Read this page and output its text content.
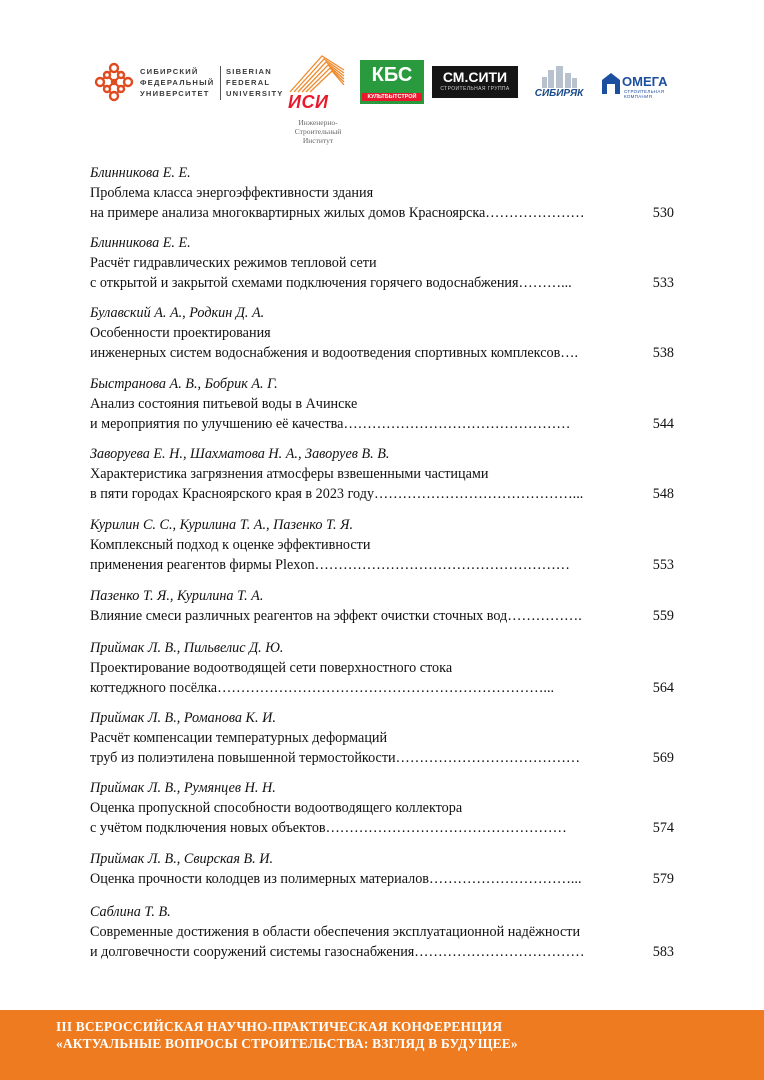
СИБИРСКИЙ
ФЕДЕРАЛЬНЫЙ
УНИВЕРСИТЕТ
SIBERIAN
FEDERAL
UNIVERSITY ИСИ
Инженерно-
Строительный
Институт
КБС
КУЛЬТБЫТСТРОЙ
СМ.СИТИ
СТРОИТЕЛЬНАЯ ГРУППА	СИБИРЯК
ОМЕГА
СТРОИТЕЛЬНАЯ КОМПАНИЯ
Блинникова Е. Е.
Проблема класса энергоэффективности здания
на примере анализа многоквартирных жилых домов Красноярска…………………	530
Блинникова Е. Е.
Расчёт гидравлических режимов тепловой сети
с открытой и закрытой схемами подключения горячего водоснабжения………...	533
Булавский А. А., Родкин Д. А.
Особенности проектирования
инженерных систем водоснабжения и водоотведения спортивных комплексов….	538
Быстранова А. В., Бобрик А. Г.
Анализ состояния питьевой воды в Ачинске
и мероприятия по улучшению её качества…………………………………………	544
Заворуева Е. Н., Шахматова Н. А., Заворуев В. В.
Характеристика загрязнения атмосферы взвешенными частицами
в пяти городах Красноярского края в 2023 году……………………………………...	548
Курилин С. С., Курилина Т. А., Пазенко Т. Я.
Комплексный подход к оценке эффективности
применения реагентов фирмы Plexon………………………………………………	553
Пазенко Т. Я., Курилина Т. А.
Влияние смеси различных реагентов на эффект очистки сточных вод…………….	559
Приймак Л. В., Пильвелис Д. Ю.
Проектирование водоотводящей сети поверхностного стока
коттеджного посёлка……………………………………………………………...	564
Приймак Л. В., Романова К. И.
Расчёт компенсации температурных деформаций
труб из полиэтилена повышенной термостойкости…………………………………	569
Приймак Л. В., Румянцев Н. Н.
Оценка пропускной способности водоотводящего коллектора
с учётом подключения новых объектов……………………………………………	574
Приймак Л. В., Свирская В. И.
Оценка прочности колодцев из полимерных материалов…………………………...	579
Саблина Т. В.
Современные достижения в области обеспечения эксплуатационной надёжности
и долговечности сооружений системы газоснабжения………………………………	583
III ВСЕРОССИЙСКАЯ НАУЧНО-ПРАКТИЧЕСКАЯ КОНФЕРЕНЦИЯ
«АКТУАЛЬНЫЕ ВОПРОСЫ СТРОИТЕЛЬСТВА: ВЗГЛЯД В БУДУЩЕЕ»
